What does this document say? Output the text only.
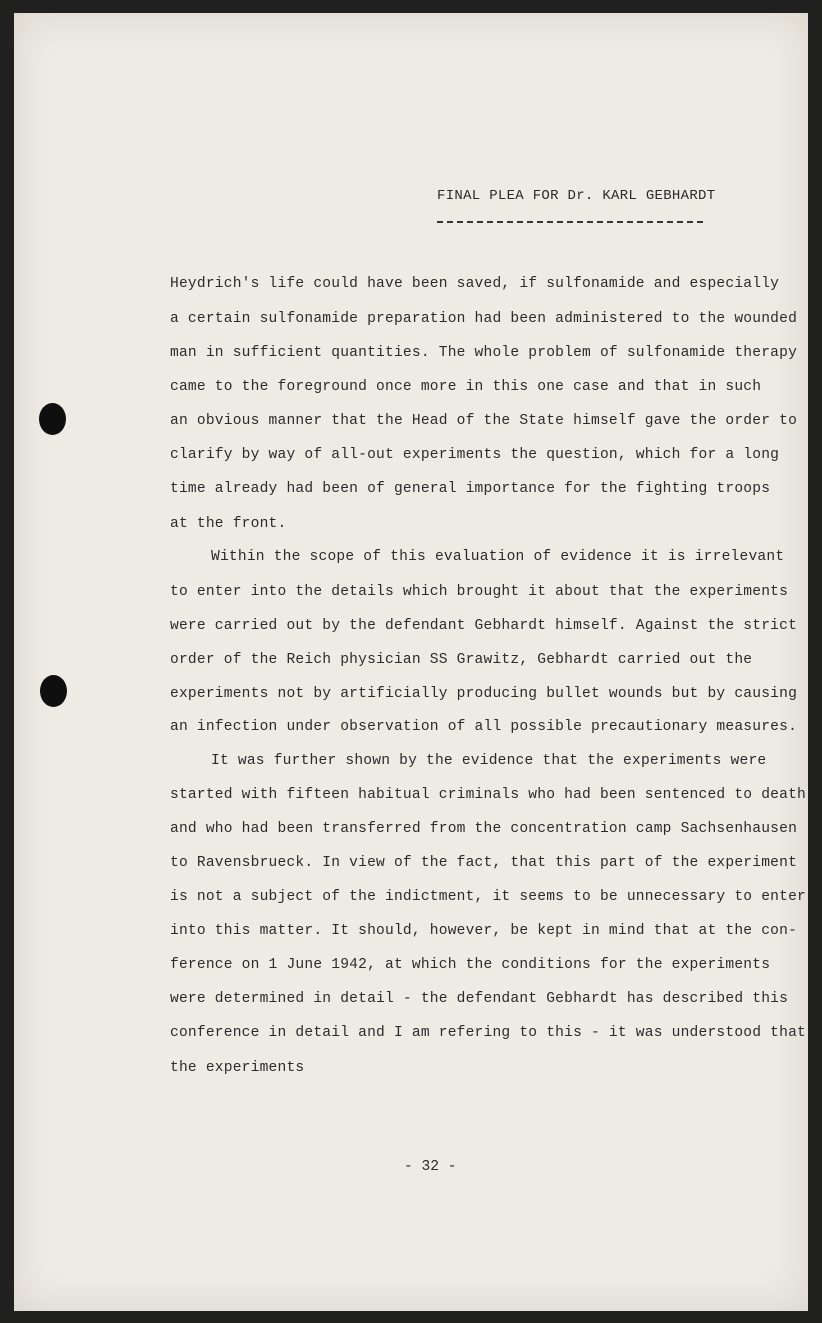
FINAL PLEA FOR Dr. KARL GEBHARDT
Heydrich's life could have been saved, if sulfonamide and especially
a certain sulfonamide preparation had been administered to the wounded
man in sufficient quantities. The whole problem of sulfonamide therapy
came to the foreground once more in this one case and that in such
an obvious manner that the Head of the State himself gave the order to
clarify by way of all-out experiments the question, which for a long
time already had been of general importance for the fighting troops
at the front.
Within the scope of this evaluation of evidence it is irrelevant
to enter into the details which brought it about that the experiments
were carried out by the defendant Gebhardt himself. Against the strict
order of the Reich physician SS Grawitz, Gebhardt carried out the
experiments not by artificially producing bullet wounds but by causing
an infection under observation of all possible precautionary measures.
It was further shown by the evidence that the experiments were
started with fifteen habitual criminals who had been sentenced to death
and who had been transferred from the concentration camp Sachsenhausen
to Ravensbrueck. In view of the fact, that this part of the experiment
is not a subject of the indictment, it seems to be unnecessary to enter
into this matter. It should, however, be kept in mind that at the con-
ference on 1 June 1942, at which the conditions for the experiments
were determined in detail - the defendant Gebhardt has described this
conference in detail and I am refering to this - it was understood that
the experiments
- 32 -
